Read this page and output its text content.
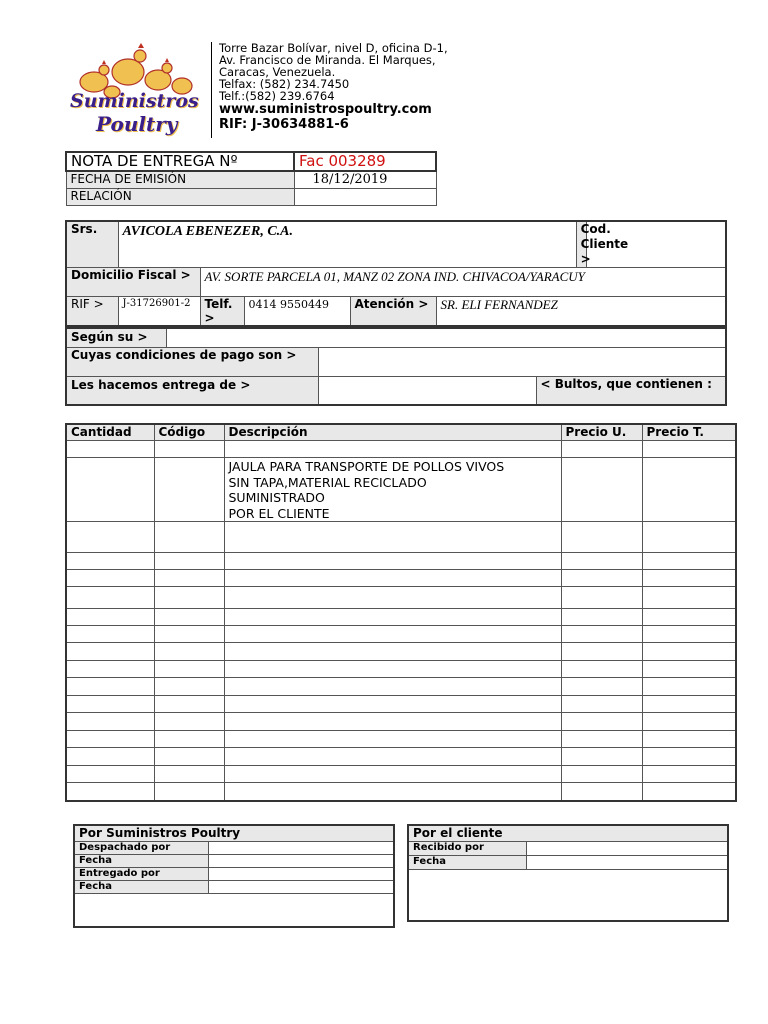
Suministros
Poultry
Torre Bazar Bolívar, nivel D, oficina D-1,
Av. Francisco de Miranda. El Marques,
Caracas, Venezuela.
Telfax: (582) 234.7450
Telf.:(582) 239.6764
www.suministrospoultry.com
RIF: J-30634881-6
NOTA DE ENTREGA Nº	Fac 003289
FECHA DE EMISIÓN	18/12/2019
RELACIÓN	
Srs.	AVICOLA EBENEZER, C.A.					Cod. Cliente >	
Domicilio Fiscal >		AV. SORTE PARCELA 01, MANZ 02 ZONA IND. CHIVACOA/YARACUY					
RIF >	J-31726901-2	Telf. >	0414 9550449	Atención >	SR. ELI FERNANDEZ		
Según su >			
Cuyas condiciones de pago son >			
Les hacemos entrega de >			< Bultos, que contienen :
Cantidad	Código	Descripción	Precio U.	Precio T.

		JAULA PARA TRANSPORTE DE POLLOS VIVOS
SIN TAPA,MATERIAL RECICLADO
SUMINISTRADO
POR EL CLIENTE		

Por Suministros Poultry	
Despachado por	
Fecha	
Entregado por	
Fecha	

Por el cliente	
Recibido por	
Fecha	
